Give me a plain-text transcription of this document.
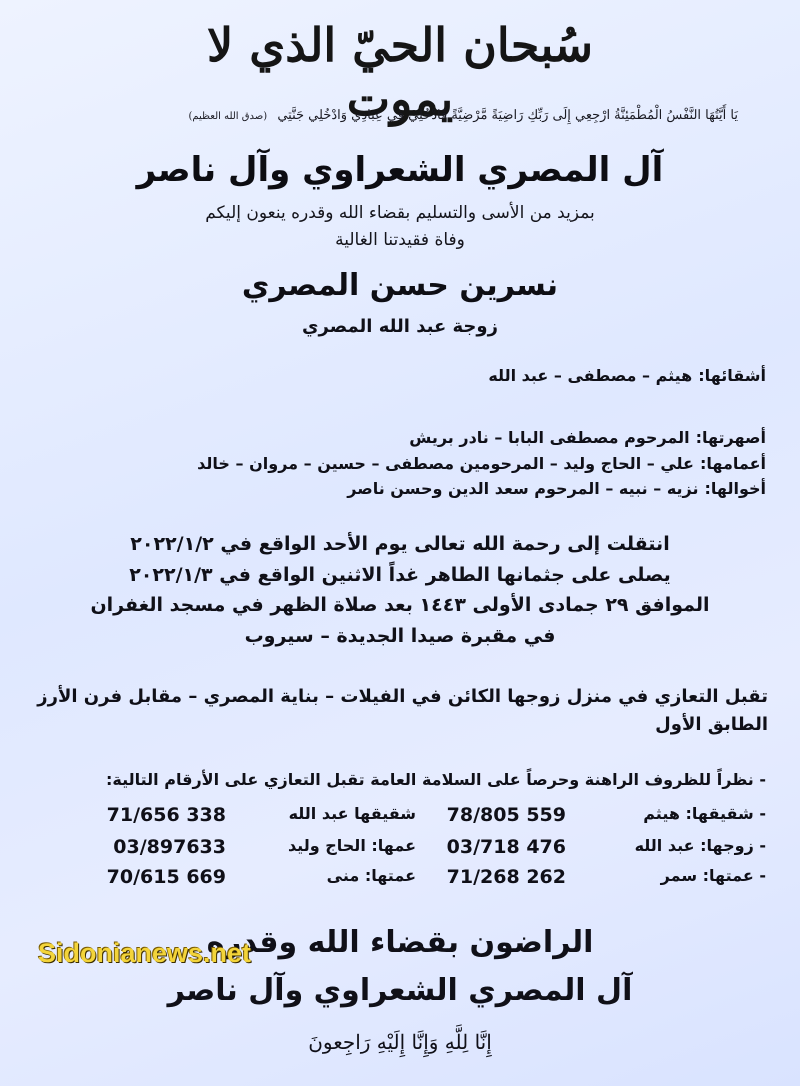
سُبحان الحيّ الذي لا يموت
يَا أَيَّتُهَا النَّفْسُ الْمُطْمَئِنَّةُ ارْجِعِي إِلَى رَبِّكِ رَاضِيَةً مَّرْضِيَّةً فَادْخُلِي فِي عِبَادِي وَادْخُلِي جَنَّتِي (صدق الله العظيم)
آل المصري الشعراوي وآل ناصر
بمزيد من الأسى والتسليم بقضاء الله وقدره ينعون إليكم
وفاة فقيدتنا الغالية
نسرين حسن المصري
زوجة عبد الله المصري
أشقائها:هيثم – مصطفى – عبد الله
أصهرتها:المرحوم مصطفى البابا – نادر بريش
أعمامها:علي – الحاج وليد – المرحومين مصطفى – حسين – مروان – خالد
أخوالها:نزيه – نبيه – المرحوم سعد الدين وحسن ناصر
انتقلت إلى رحمة الله تعالى يوم الأحد الواقع في ٢٠٢٢/١/٢
يصلى على جثمانها الطاهر غداً الاثنين الواقع في ٢٠٢٢/١/٣
الموافق ٢٩ جمادى الأولى ١٤٤٣ بعد صلاة الظهر في مسجد الغفران
في مقبرة صيدا الجديدة – سيروب
تقبل التعازي في منزل زوجها الكائن في الفيلات – بناية المصري – مقابل فرن الأرز
الطابق الأول
- نظراً للظروف الراهنة وحرصاً على السلامة العامة تقبل التعازي على الأرقام التالية:
- شقيقها: هيثم
78/805 559
شقيقها عبد الله
71/656 338
- زوجها: عبد الله
03/718 476
عمها: الحاج وليد
03/897633
- عمتها: سمر
71/268 262
عمتها: منى
70/615 669
الراضون بقضاء الله وقدره
آل المصري الشعراوي وآل ناصر
إِنَّا لِلَّهِ وَإِنَّا إِلَيْهِ رَاجِعونَ
Sidonianews.net
